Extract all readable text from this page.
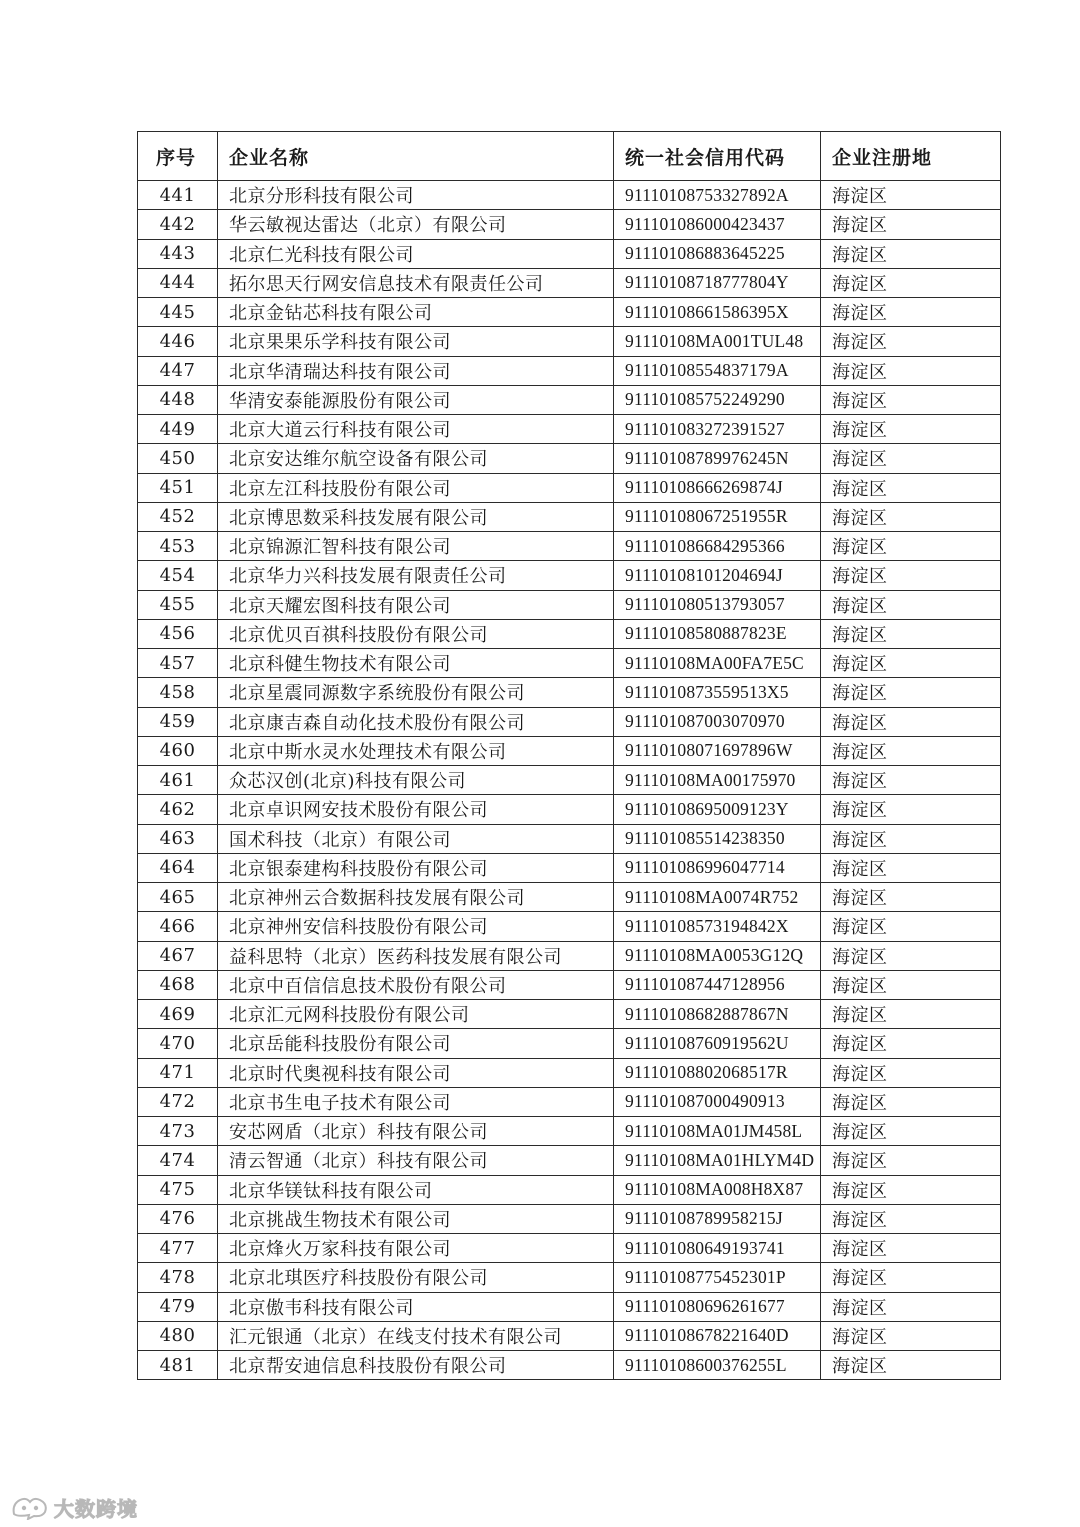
序号	企业名称	统一社会信用代码	企业注册地
441	北京分形科技有限公司	91110108753327892A	海淀区
442	华云敏视达雷达（北京）有限公司	911101086000423437	海淀区
443	北京仁光科技有限公司	911101086883645225	海淀区
444	拓尔思天行网安信息技术有限责任公司	91110108718777804Y	海淀区
445	北京金钻芯科技有限公司	91110108661586395X	海淀区
446	北京果果乐学科技有限公司	91110108MA001TUL48	海淀区
447	北京华清瑞达科技有限公司	91110108554837179A	海淀区
448	华清安泰能源股份有限公司	911101085752249290	海淀区
449	北京大道云行科技有限公司	911101083272391527	海淀区
450	北京安达维尔航空设备有限公司	91110108789976245N	海淀区
451	北京左江科技股份有限公司	91110108666269874J	海淀区
452	北京博思数采科技发展有限公司	91110108067251955R	海淀区
453	北京锦源汇智科技有限公司	911101086684295366	海淀区
454	北京华力兴科技发展有限责任公司	91110108101204694J	海淀区
455	北京天耀宏图科技有限公司	911101080513793057	海淀区
456	北京优贝百祺科技股份有限公司	91110108580887823E	海淀区
457	北京科健生物技术有限公司	91110108MA00FA7E5C	海淀区
458	北京星震同源数字系统股份有限公司	9111010873559513X5	海淀区
459	北京康吉森自动化技术股份有限公司	911101087003070970	海淀区
460	北京中斯水灵水处理技术有限公司	91110108071697896W	海淀区
461	众芯汉创(北京)科技有限公司	91110108MA00175970	海淀区
462	北京卓识网安技术股份有限公司	91110108695009123Y	海淀区
463	国术科技（北京）有限公司	911101085514238350	海淀区
464	北京银泰建构科技股份有限公司	911101086996047714	海淀区
465	北京神州云合数据科技发展有限公司	91110108MA0074R752	海淀区
466	北京神州安信科技股份有限公司	91110108573194842X	海淀区
467	益科思特（北京）医药科技发展有限公司	91110108MA0053G12Q	海淀区
468	北京中百信信息技术股份有限公司	911101087447128956	海淀区
469	北京汇元网科技股份有限公司	91110108682887867N	海淀区
470	北京岳能科技股份有限公司	91110108760919562U	海淀区
471	北京时代奥视科技有限公司	91110108802068517R	海淀区
472	北京书生电子技术有限公司	911101087000490913	海淀区
473	安芯网盾（北京）科技有限公司	91110108MA01JM458L	海淀区
474	清云智通（北京）科技有限公司	91110108MA01HLYM4D	海淀区
475	北京华镁钛科技有限公司	91110108MA008H8X87	海淀区
476	北京挑战生物技术有限公司	91110108789958215J	海淀区
477	北京烽火万家科技有限公司	911101080649193741	海淀区
478	北京北琪医疗科技股份有限公司	91110108775452301P	海淀区
479	北京傲韦科技有限公司	911101080696261677	海淀区
480	汇元银通（北京）在线支付技术有限公司	91110108678221640D	海淀区
481	北京帮安迪信息科技股份有限公司	91110108600376255L	海淀区
大数跨境
